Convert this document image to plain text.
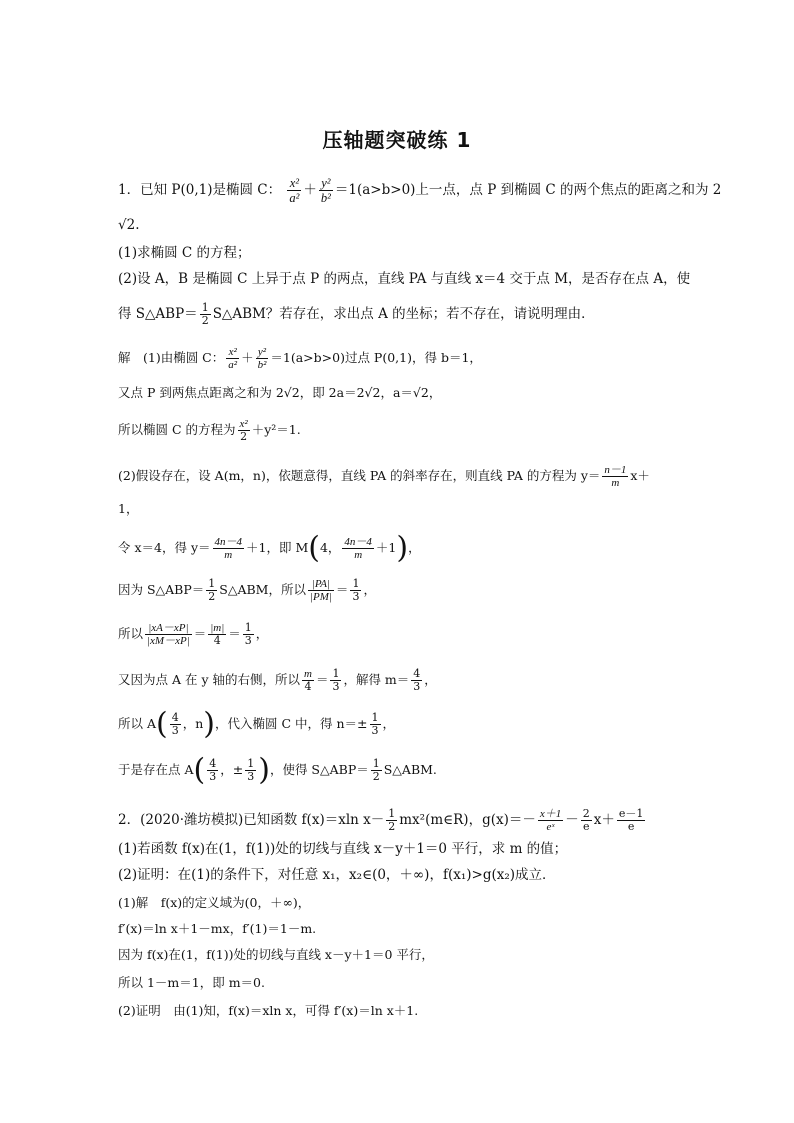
压轴题突破练 1
1．已知 P(0,1)是椭圆 C： $\frac{\text{x²}}{\text{a²}} + \frac{\text{y²}}{\text{b²}} =1(a>b>0)$上一点，点 P 到椭圆 C 的两个焦点的距离之和为 2
√2.
(1)求椭圆 C 的方程；
(2)设 A，B 是椭圆 C 上异于点 P 的两点，直线 PA 与直线 x＝4 交于点 M，是否存在点 A，使
得 S△ABP＝ $\frac{1}{2}$ S△ABM？若存在，求出点 A 的坐标；若不存在，请说明理由．
解　(1)由椭圆 C： $\frac{\text{x²}}{\text{a²}} + \frac{\text{y²}}{\text{b²}} =1(a>b>0)$过点 P(0,1)，得 b＝1，
又点 P 到两焦点距离之和为 2√2，即 2a＝2√2，a＝√2，
所以椭圆 C 的方程为 $\frac{\text{x²}}{2} +y^2=1$.
(2)假设存在，设 A(m，n)，依题意得，直线 PA 的斜率存在，则直线 PA 的方程为 $y= \frac{n-1}{m} x+$
1，
令 x＝4，得 $y= \frac{4n-4}{m} +1$，即 M(4， $\frac{4n-4}{m} +1$)，
因为 S△ABP＝ $\frac{1}{2}$ S△ABM，所以 $\frac{|PA|}{|PM|} = \frac{1}{3}$ ，
所以 $\frac{|xA-xP|}{|xM-xP|} = \frac{|m|}{4} = \frac{1}{3}$ ，
又因为点 A 在 y 轴的右侧，所以 $\frac{m}{4} = \frac{1}{3}$ ，解得 $m= \frac{4}{3}$ ，
所以 $A( \frac{4}{3}$ ，n)，代入椭圆 C 中，得 $n=\pm \frac{1}{3}$ ，
于是存在点 $A( \frac{4}{3}$ ，± $\frac{1}{3}$ )，使得 S△ABP＝ $\frac{1}{2}$ S△ABM.
2．(2020·潍坊模拟)已知函数 f(x)＝xln $x- \frac{1}{2}$ mx²(m∈R)，$g(x)=- \frac{x+1}{\text{eˣ}} - \frac{2}{e} x+ \frac{e-1}{e}$
(1)若函数 f(x)在(1，f(1))处的切线与直线 x－y＋1＝0 平行，求 m 的值；
(2)证明：在(1)的条件下，对任意 x₁，x₂∈(0，＋∞)，f(x₁)>g(x₂)成立．
(1)解　f(x)的定义域为(0，＋∞)，
f′(x)＝ln x＋1－mx，f′(1)＝1－m.
因为 f(x)在(1，f(1))处的切线与直线 x－y＋1＝0 平行，
所以 1－m＝1，即 m＝0.
(2)证明　由(1)知，f(x)＝xln x，可得 f′(x)＝ln x＋1.
